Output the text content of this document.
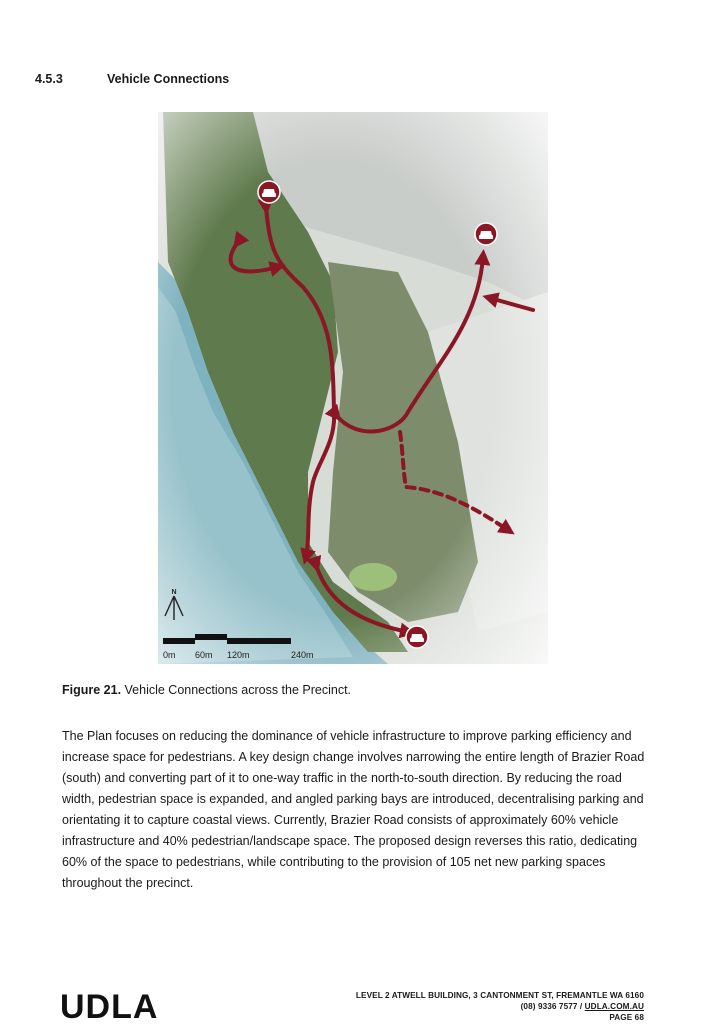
4.5.3	Vehicle Connections
N
0m 60m 120m	240m
Figure 21. Vehicle Connections across the Precinct.
The Plan focuses on reducing the dominance of vehicle infrastructure to improve parking efficiency and increase space for pedestrians. A key design change involves narrowing the entire length of Brazier Road (south) and converting part of it to one-way traffic in the north-to-south direction. By reducing the road width, pedestrian space is expanded, and angled parking bays are introduced, decentralising parking and orientating it to capture coastal views. Currently, Brazier Road consists of approximately 60% vehicle infrastructure and 40% pedestrian/landscape space. The proposed design reverses this ratio, dedicating 60% of the space to pedestrians, while contributing to the provision of 105 net new parking spaces throughout the precinct.
UDLA	LEVEL 2 ATWELL BUILDING, 3 CANTONMENT ST, FREMANTLE WA 6160
(08) 9336 7577 / UDLA.COM.AU
PAGE 68
